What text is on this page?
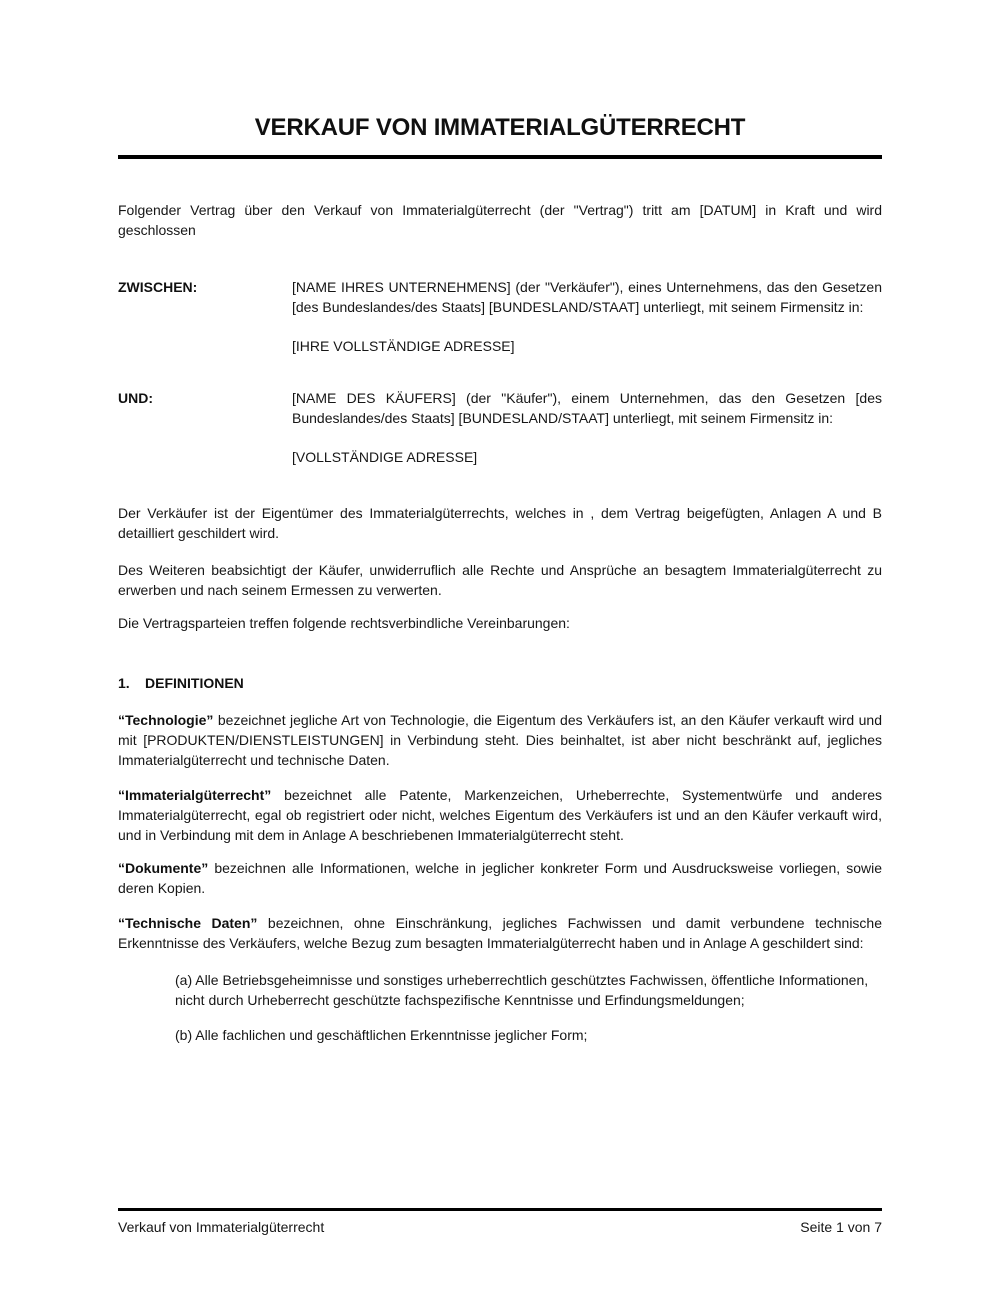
VERKAUF VON IMMATERIALGÜTERRECHT

Folgender Vertrag über den Verkauf von Immaterialgüterrecht (der "Vertrag") tritt am [DATUM] in Kraft und wird geschlossen

ZWISCHEN:	[NAME IHRES UNTERNEHMENS] (der "Verkäufer"), eines Unternehmens, das den Gesetzen [des Bundeslandes/des Staats] [BUNDESLAND/STAAT] unterliegt, mit seinem Firmensitz in:

[IHRE VOLLSTÄNDIGE ADRESSE]

UND:	[NAME DES KÄUFERS] (der "Käufer"), einem Unternehmen, das den Gesetzen [des Bundeslandes/des Staats] [BUNDESLAND/STAAT] unterliegt, mit seinem Firmensitz in:

[VOLLSTÄNDIGE ADRESSE]

Der Verkäufer ist der Eigentümer des Immaterialgüterrechts, welches in , dem Vertrag beigefügten, Anlagen A und B detailliert geschildert wird.

Des Weiteren beabsichtigt der Käufer, unwiderruflich alle Rechte und Ansprüche an besagtem Immaterialgüterrecht zu erwerben und nach seinem Ermessen zu verwerten.

Die Vertragsparteien treffen folgende rechtsverbindliche Vereinbarungen:

1. DEFINITIONEN

“Technologie” bezeichnet jegliche Art von Technologie, die Eigentum des Verkäufers ist, an den Käufer verkauft wird und mit [PRODUKTEN/DIENSTLEISTUNGEN] in Verbindung steht. Dies beinhaltet, ist aber nicht beschränkt auf, jegliches Immaterialgüterrecht und technische Daten.

“Immaterialgüterrecht” bezeichnet alle Patente, Markenzeichen, Urheberrechte, Systementwürfe und anderes Immaterialgüterrecht, egal ob registriert oder nicht, welches Eigentum des Verkäufers ist und an den Käufer verkauft wird, und in Verbindung mit dem in Anlage A beschriebenen Immaterialgüterrecht steht.

“Dokumente” bezeichnen alle Informationen, welche in jeglicher konkreter Form und Ausdrucksweise vorliegen, sowie deren Kopien.

“Technische Daten” bezeichnen, ohne Einschränkung, jegliches Fachwissen und damit verbundene technische Erkenntnisse des Verkäufers, welche Bezug zum besagten Immaterialgüterrecht haben und in Anlage A geschildert sind:

(a) Alle Betriebsgeheimnisse und sonstiges urheberrechtlich geschütztes Fachwissen, öffentliche Informationen, nicht durch Urheberrecht geschützte fachspezifische Kenntnisse und Erfindungsmeldungen;

(b) Alle fachlichen und geschäftlichen Erkenntnisse jeglicher Form;

Verkauf von Immaterialgüterrecht	Seite 1 von 7
